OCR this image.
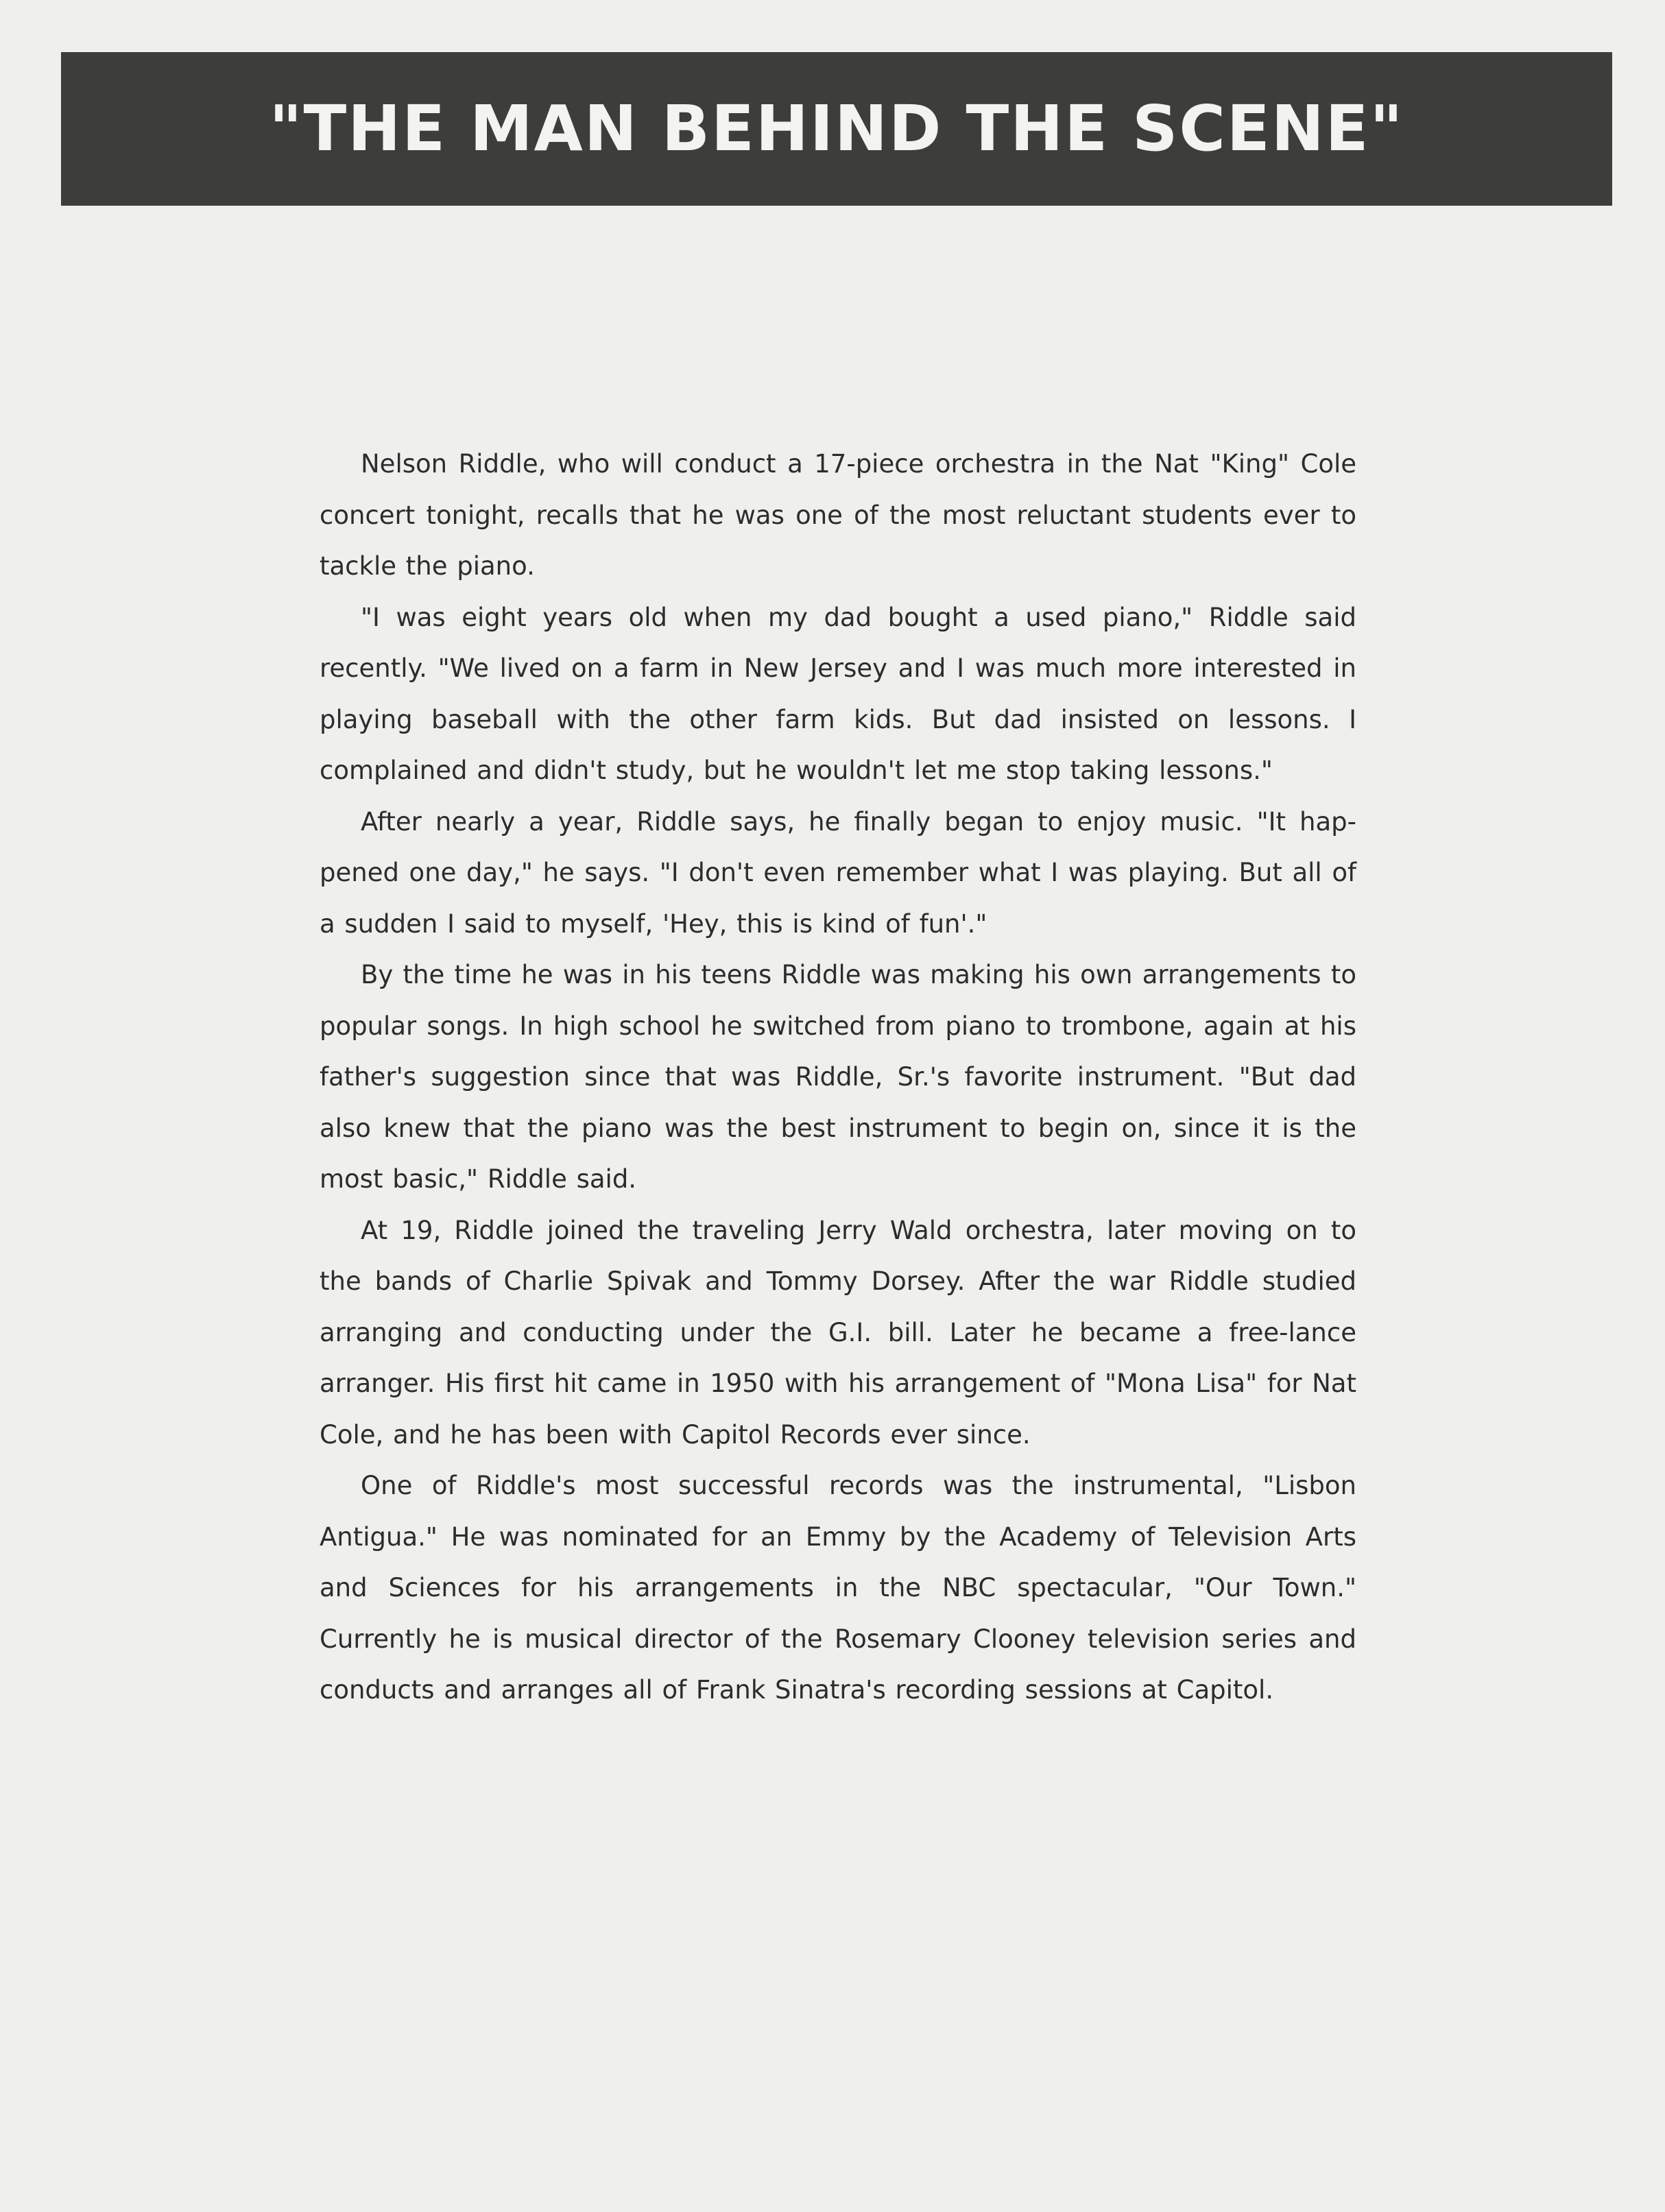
"THE MAN BEHIND THE SCENE"

Nelson Riddle, who will conduct a 17-piece orchestra in the Nat "King" Cole concert tonight, recalls that he was one of the most reluctant students ever to tackle the piano.

"I was eight years old when my dad bought a used piano," Riddle said recently. "We lived on a farm in New Jersey and I was much more interested in playing baseball with the other farm kids. But dad insisted on lessons. I complained and didn't study, but he wouldn't let me stop taking lessons."

After nearly a year, Riddle says, he finally began to enjoy music. "It hap-pened one day," he says. "I don't even remember what I was playing. But all of a sudden I said to myself, 'Hey, this is kind of fun'."

By the time he was in his teens Riddle was making his own arrangements to popular songs. In high school he switched from piano to trombone, again at his father's suggestion since that was Riddle, Sr.'s favorite instrument. "But dad also knew that the piano was the best instrument to begin on, since it is the most basic," Riddle said.

At 19, Riddle joined the traveling Jerry Wald orchestra, later moving on to the bands of Charlie Spivak and Tommy Dorsey. After the war Riddle studied arranging and conducting under the G.I. bill. Later he became a free-lance arranger. His first hit came in 1950 with his arrangement of "Mona Lisa" for Nat Cole, and he has been with Capitol Records ever since.

One of Riddle's most successful records was the instrumental, "Lisbon Antigua." He was nominated for an Emmy by the Academy of Television Arts and Sciences for his arrangements in the NBC spectacular, "Our Town." Currently he is musical director of the Rosemary Clooney television series and conducts and arranges all of Frank Sinatra's recording sessions at Capitol.
